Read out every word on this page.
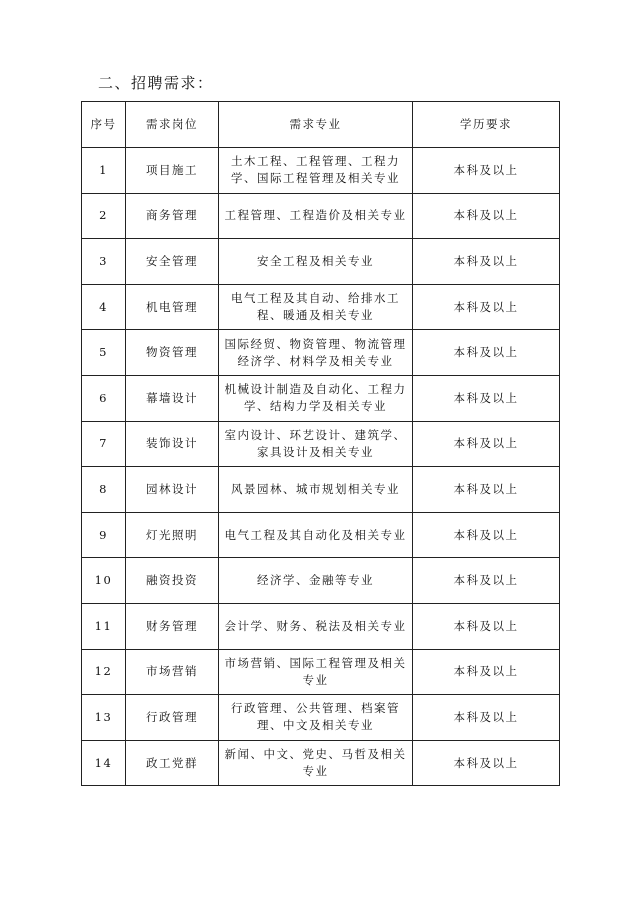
二、招聘需求：
序号	需求岗位	需求专业	学历要求
1	项目施工	土木工程、工程管理、工程力学、国际工程管理及相关专业	本科及以上
2	商务管理	工程管理、工程造价及相关专业	本科及以上
3	安全管理	安全工程及相关专业	本科及以上
4	机电管理	电气工程及其自动、给排水工程、暖通及相关专业	本科及以上
5	物资管理	国际经贸、物资管理、物流管理经济学、材料学及相关专业	本科及以上
6	幕墙设计	机械设计制造及自动化、工程力学、结构力学及相关专业	本科及以上
7	装饰设计	室内设计、环艺设计、建筑学、家具设计及相关专业	本科及以上
8	园林设计	风景园林、城市规划相关专业	本科及以上
9	灯光照明	电气工程及其自动化及相关专业	本科及以上
10	融资投资	经济学、金融等专业	本科及以上
11	财务管理	会计学、财务、税法及相关专业	本科及以上
12	市场营销	市场营销、国际工程管理及相关专业	本科及以上
13	行政管理	行政管理、公共管理、档案管理、中文及相关专业	本科及以上
14	政工党群	新闻、中文、党史、马哲及相关专业	本科及以上
